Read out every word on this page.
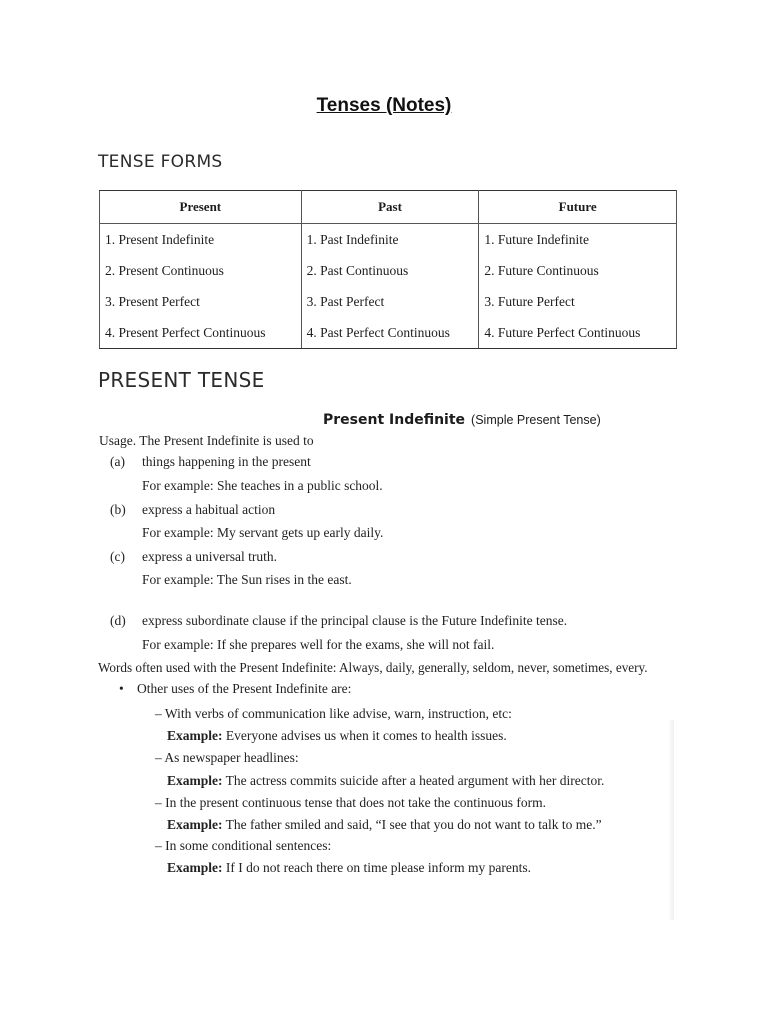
Tenses (Notes)
TENSE FORMS
Present	Past	Future
1. Present Indefinite	1. Past Indefinite	1. Future Indefinite
2. Present Continuous	2. Past Continuous	2. Future Continuous
3. Present Perfect	3. Past Perfect	3. Future Perfect
4. Present Perfect Continuous	4. Past Perfect Continuous	4. Future Perfect Continuous
PRESENT TENSE
Present Indefinite (Simple Present Tense)
Usage. The Present Indefinite is used to
(a) things happening in the present
For example: She teaches in a public school.
(b) express a habitual action
For example: My servant gets up early daily.
(c) express a universal truth.
For example: The Sun rises in the east.
(d) express subordinate clause if the principal clause is the Future Indefinite tense.
For example: If she prepares well for the exams, she will not fail.
Words often used with the Present Indefinite: Always, daily, generally, seldom, never, sometimes, every.
• Other uses of the Present Indefinite are:
– With verbs of communication like advise, warn, instruction, etc:
Example: Everyone advises us when it comes to health issues.
– As newspaper headlines:
Example: The actress commits suicide after a heated argument with her director.
– In the present continuous tense that does not take the continuous form.
Example: The father smiled and said, “I see that you do not want to talk to me.”
– In some conditional sentences:
Example: If I do not reach there on time please inform my parents.
